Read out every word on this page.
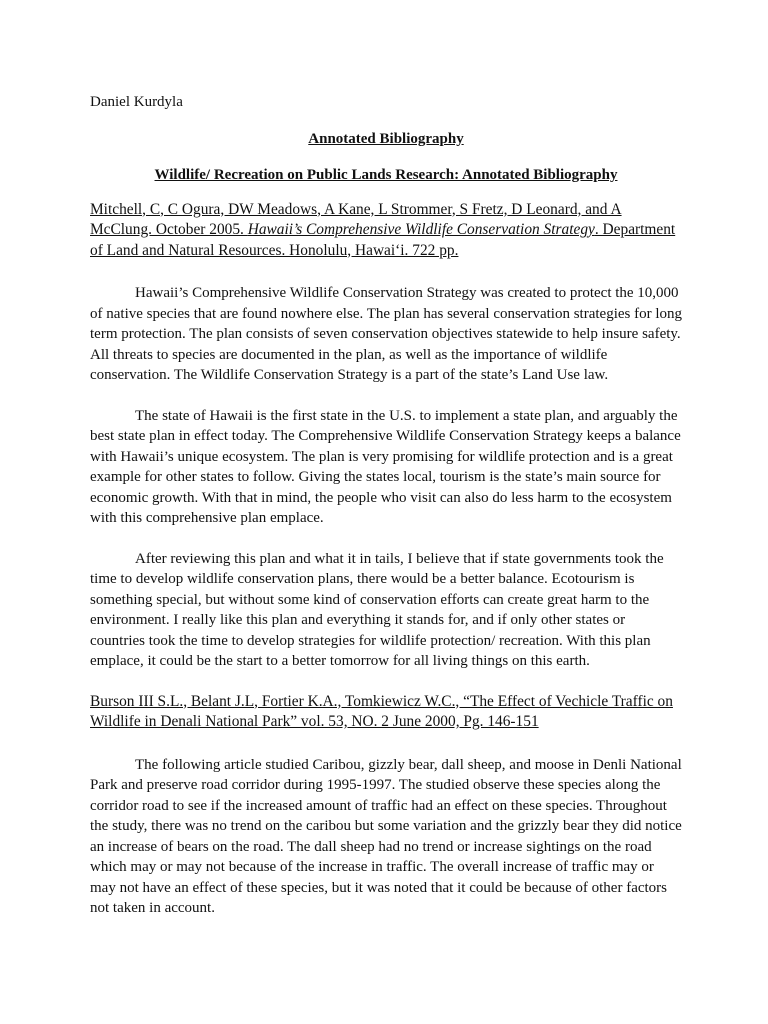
Daniel Kurdyla

Annotated Bibliography

Wildlife/ Recreation on Public Lands Research: Annotated Bibliography

Mitchell, C, C Ogura, DW Meadows, A Kane, L Strommer, S Fretz, D Leonard, and A McClung. October 2005. Hawaii’s Comprehensive Wildlife Conservation Strategy. Department of Land and Natural Resources. Honolulu, Hawai‘i. 722 pp.

Hawaii’s Comprehensive Wildlife Conservation Strategy was created to protect the 10,000 of native species that are found nowhere else. The plan has several conservation strategies for long term protection. The plan consists of seven conservation objectives statewide to help insure safety. All threats to species are documented in the plan, as well as the importance of wildlife conservation. The Wildlife Conservation Strategy is a part of the state’s Land Use law.

The state of Hawaii is the first state in the U.S. to implement a state plan, and arguably the best state plan in effect today. The Comprehensive Wildlife Conservation Strategy keeps a balance with Hawaii’s unique ecosystem. The plan is very promising for wildlife protection and is a great example for other states to follow. Giving the states local, tourism is the state’s main source for economic growth. With that in mind, the people who visit can also do less harm to the ecosystem with this comprehensive plan emplace.

After reviewing this plan and what it in tails, I believe that if state governments took the time to develop wildlife conservation plans, there would be a better balance. Ecotourism is something special, but without some kind of conservation efforts can create great harm to the environment. I really like this plan and everything it stands for, and if only other states or countries took the time to develop strategies for wildlife protection/ recreation. With this plan emplace, it could be the start to a better tomorrow for all living things on this earth.

Burson III S.L., Belant J.L, Fortier K.A., Tomkiewicz W.C., “The Effect of Vechicle Traffic on Wildlife in Denali National Park” vol. 53, NO. 2 June 2000, Pg. 146-151

The following article studied Caribou, gizzly bear, dall sheep, and moose in Denli National Park and preserve road corridor during 1995-1997. The studied observe these species along the corridor road to see if the increased amount of traffic had an effect on these species. Throughout the study, there was no trend on the caribou but some variation and the grizzly bear they did notice an increase of bears on the road. The dall sheep had no trend or increase sightings on the road which may or may not because of the increase in traffic. The overall increase of traffic may or may not have an effect of these species, but it was noted that it could be because of other factors not taken in account.
